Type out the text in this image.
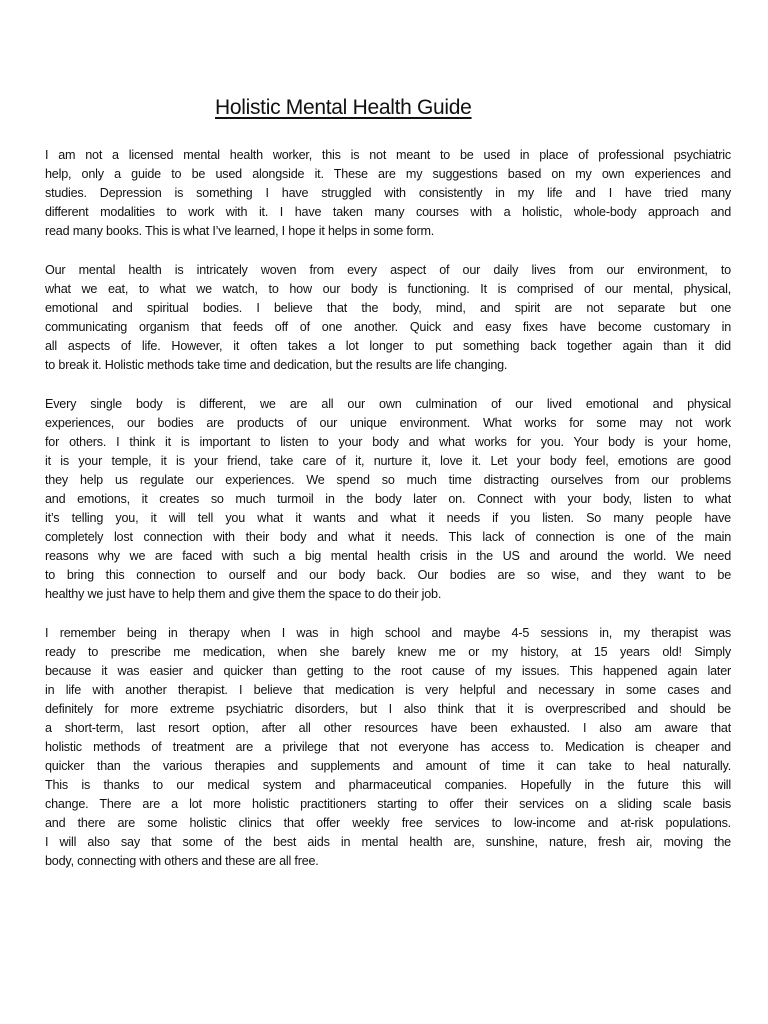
Holistic Mental Health Guide
I am not a licensed mental health worker, this is not meant to be used in place of professional psychiatric
help, only a guide to be used alongside it. These are my suggestions based on my own experiences and
studies. Depression is something I have struggled with consistently in my life and I have tried many
different modalities to work with it. I have taken many courses with a holistic, whole-body approach and
read many books. This is what I’ve learned, I hope it helps in some form.
Our mental health is intricately woven from every aspect of our daily lives from our environment, to
what we eat, to what we watch, to how our body is functioning. It is comprised of our mental, physical,
emotional and spiritual bodies. I believe that the body, mind, and spirit are not separate but one
communicating organism that feeds off of one another. Quick and easy fixes have become customary in
all aspects of life. However, it often takes a lot longer to put something back together again than it did
to break it. Holistic methods take time and dedication, but the results are life changing.
Every single body is different, we are all our own culmination of our lived emotional and physical
experiences, our bodies are products of our unique environment. What works for some may not work
for others. I think it is important to listen to your body and what works for you. Your body is your home,
it is your temple, it is your friend, take care of it, nurture it, love it. Let your body feel, emotions are good
they help us regulate our experiences. We spend so much time distracting ourselves from our problems
and emotions, it creates so much turmoil in the body later on. Connect with your body, listen to what
it’s telling you, it will tell you what it wants and what it needs if you listen. So many people have
completely lost connection with their body and what it needs. This lack of connection is one of the main
reasons why we are faced with such a big mental health crisis in the US and around the world. We need
to bring this connection to ourself and our body back. Our bodies are so wise, and they want to be
healthy we just have to help them and give them the space to do their job.
I remember being in therapy when I was in high school and maybe 4-5 sessions in, my therapist was
ready to prescribe me medication, when she barely knew me or my history, at 15 years old! Simply
because it was easier and quicker than getting to the root cause of my issues. This happened again later
in life with another therapist. I believe that medication is very helpful and necessary in some cases and
definitely for more extreme psychiatric disorders, but I also think that it is overprescribed and should be
a short-term, last resort option, after all other resources have been exhausted. I also am aware that
holistic methods of treatment are a privilege that not everyone has access to. Medication is cheaper and
quicker than the various therapies and supplements and amount of time it can take to heal naturally.
This is thanks to our medical system and pharmaceutical companies. Hopefully in the future this will
change. There are a lot more holistic practitioners starting to offer their services on a sliding scale basis
and there are some holistic clinics that offer weekly free services to low-income and at-risk populations.
I will also say that some of the best aids in mental health are, sunshine, nature, fresh air, moving the
body, connecting with others and these are all free.
